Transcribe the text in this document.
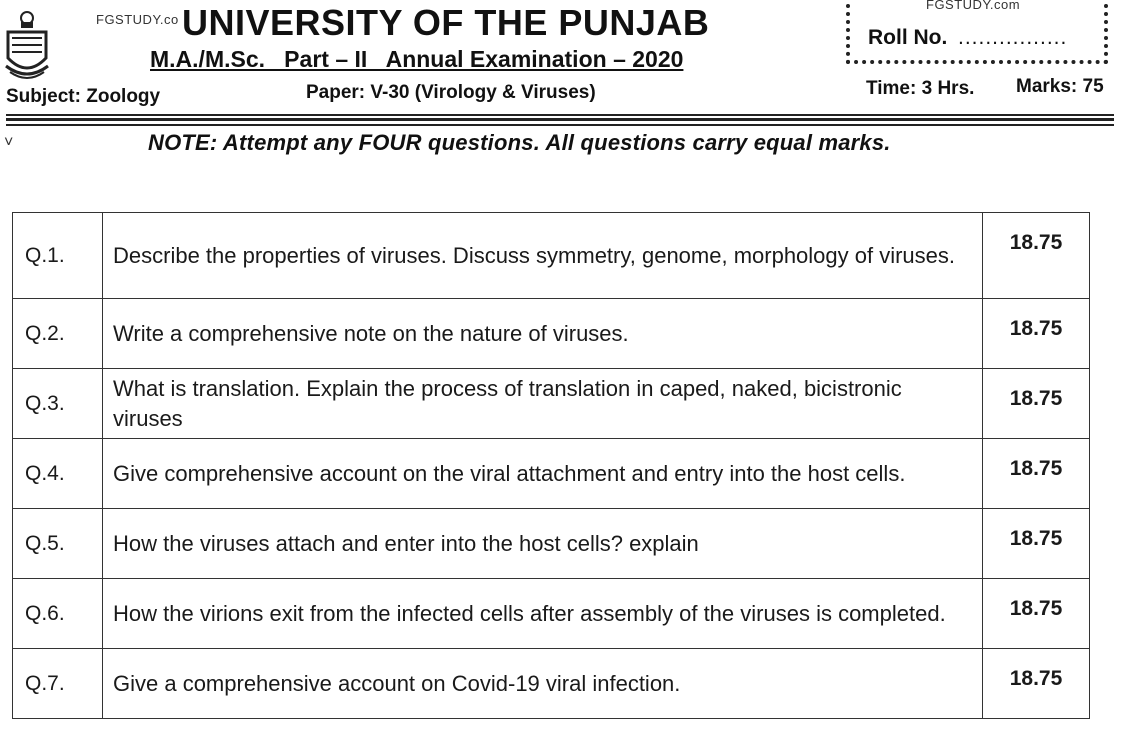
FGSTUDY.co
FGSTUDY.com
UNIVERSITY OF THE PUNJAB
M.A./M.Sc.   Part – II   Annual Examination – 2020
Roll No. ................
Subject: Zoology	Paper: V-30 (Virology & Viruses)	Time: 3 Hrs. Marks: 75
˅	NOTE: Attempt any FOUR questions. All questions carry equal marks.
Q.1.	Describe the properties of viruses. Discuss symmetry, genome, morphology of viruses.	18.75
Q.2.	Write a comprehensive note on the nature of viruses.	18.75
Q.3.	What is translation. Explain the process of translation in caped, naked, bicistronic viruses	18.75
Q.4.	Give comprehensive account on the viral attachment and entry into the host cells.	18.75
Q.5.	How the viruses attach and enter into the host cells? explain	18.75
Q.6.	How the virions exit from the infected cells after assembly of the viruses is completed.	18.75
Q.7.	Give a comprehensive account on Covid-19 viral infection.	18.75
